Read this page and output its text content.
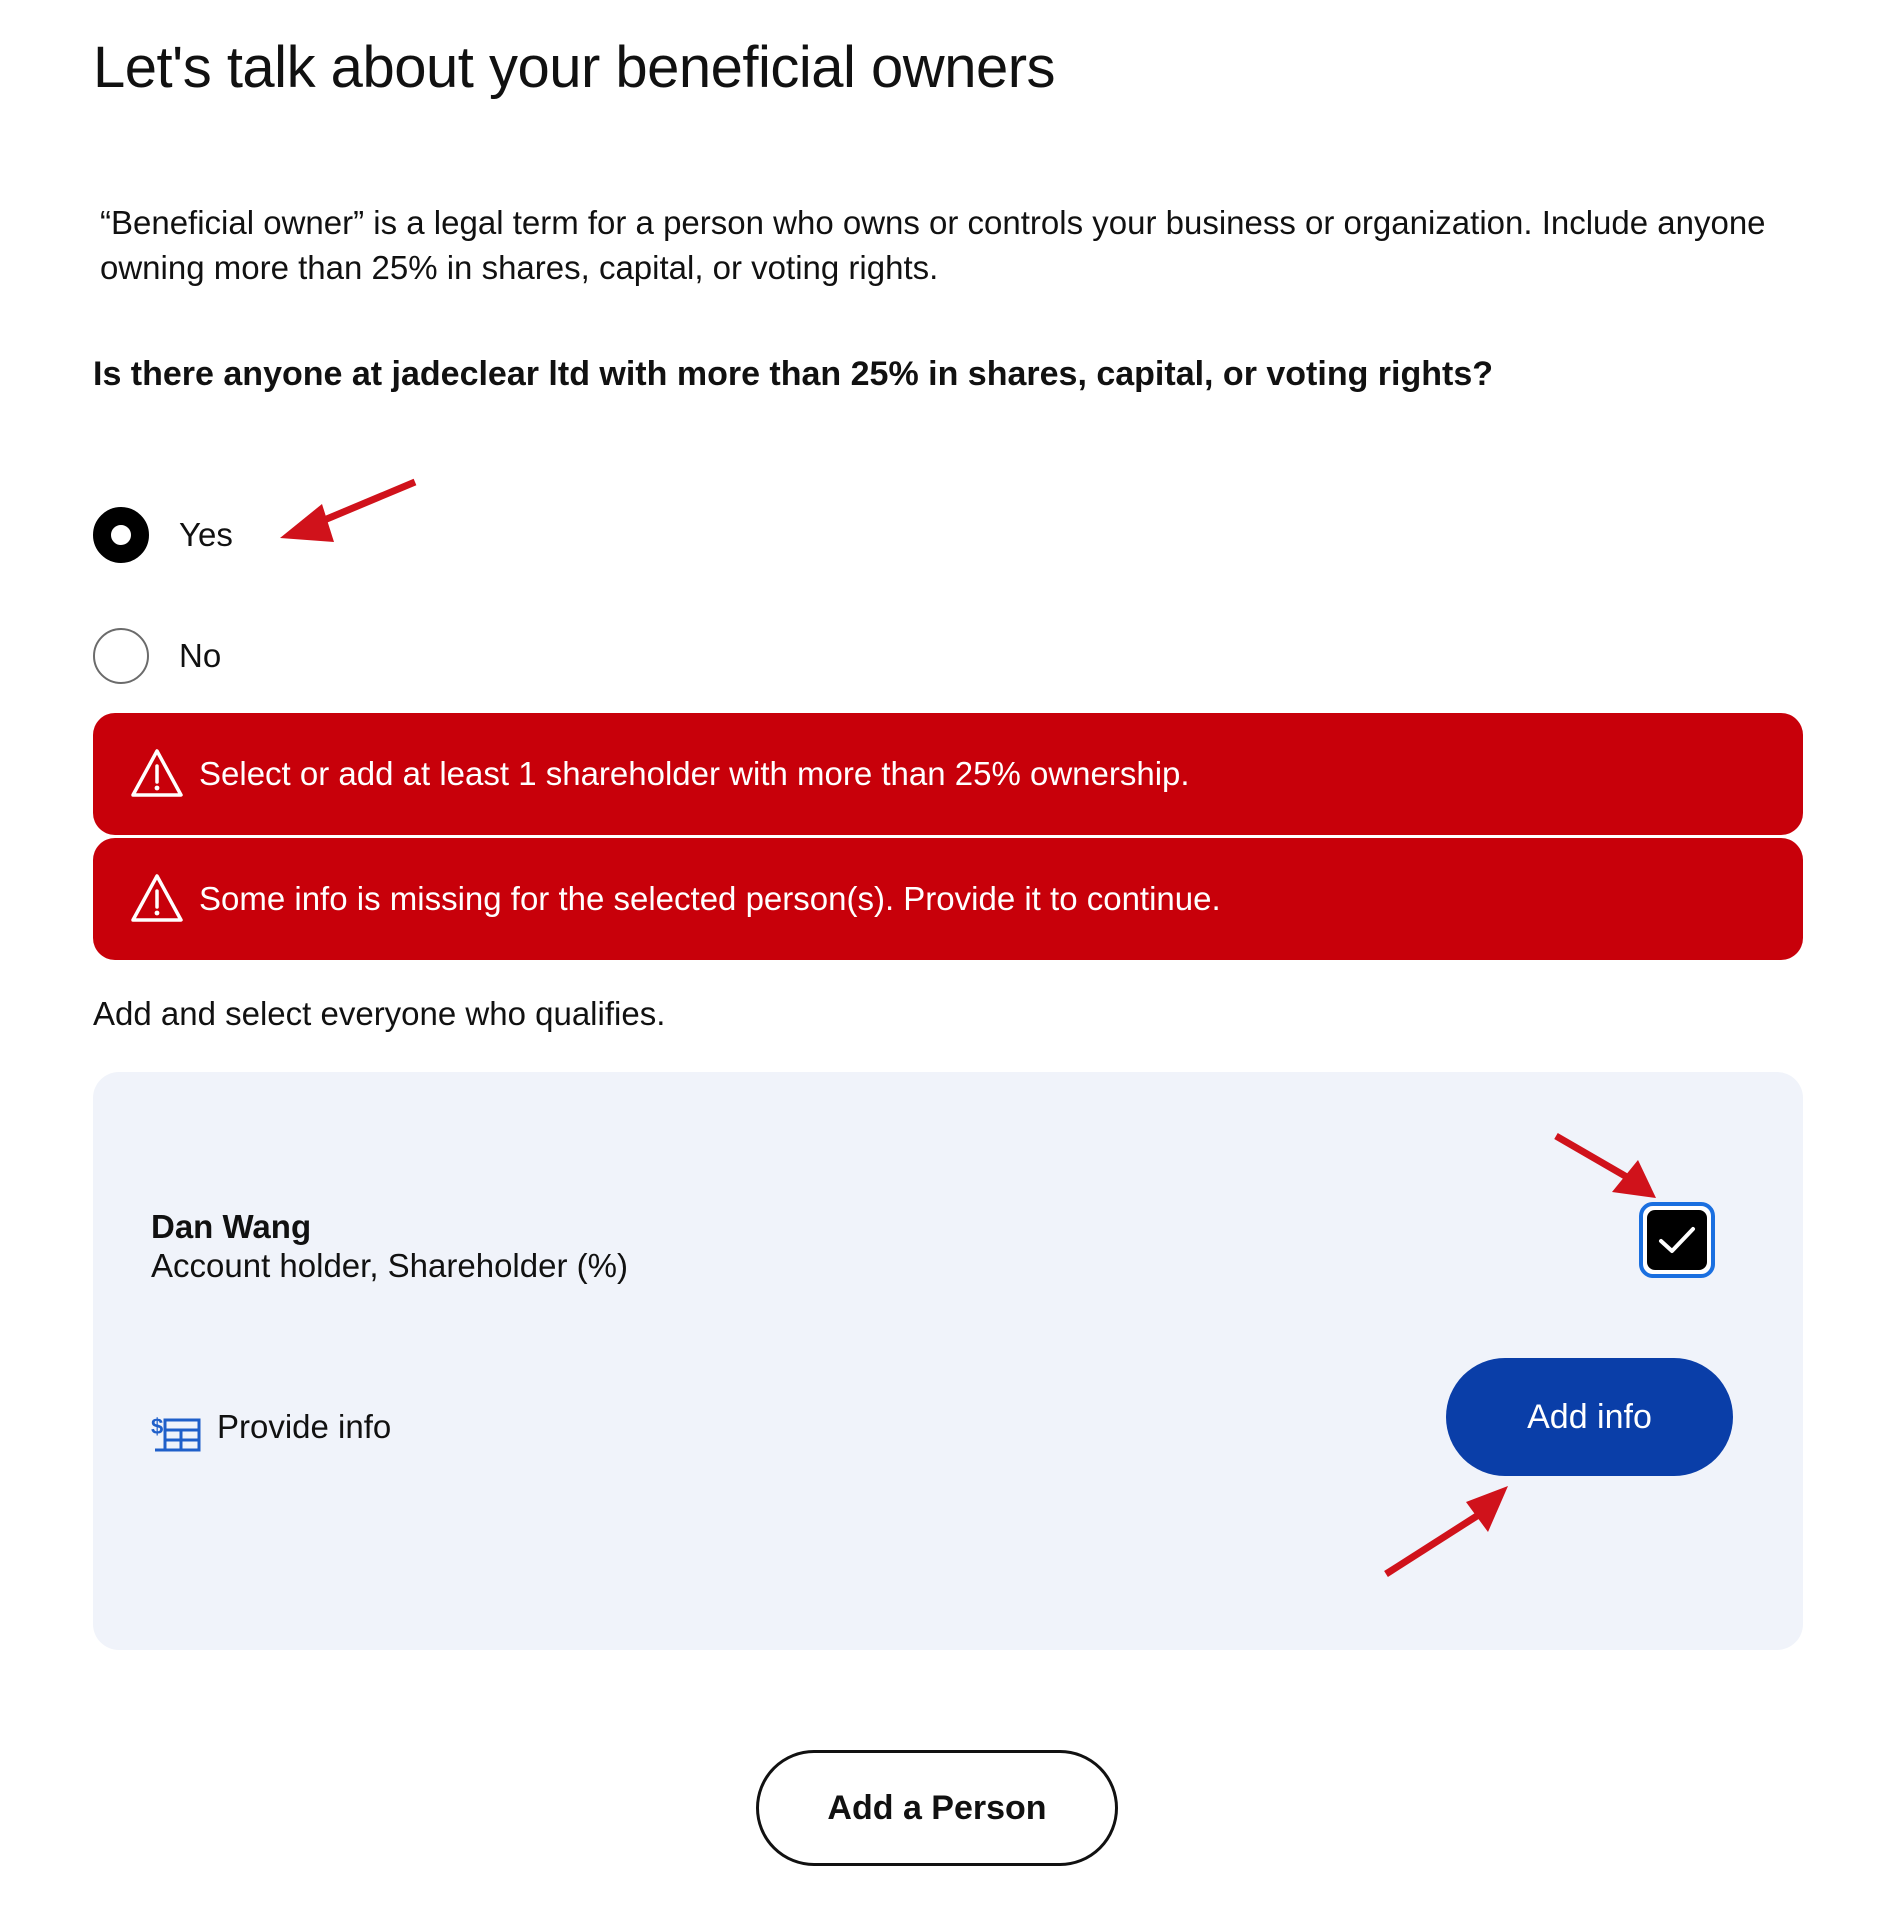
Let's talk about your beneficial owners

“Beneficial owner” is a legal term for a person who owns or controls your business or organization. Include anyone owning more than 25% in shares, capital, or voting rights.

Is there anyone at jadeclear ltd with more than 25% in shares, capital, or voting rights?

Yes
No
Select or add at least 1 shareholder with more than 25% ownership.
Some info is missing for the selected person(s). Provide it to continue.

Add and select everyone who qualifies.

Dan Wang
Account holder, Shareholder (%)
$ Provide info	Add info
Add a Person
